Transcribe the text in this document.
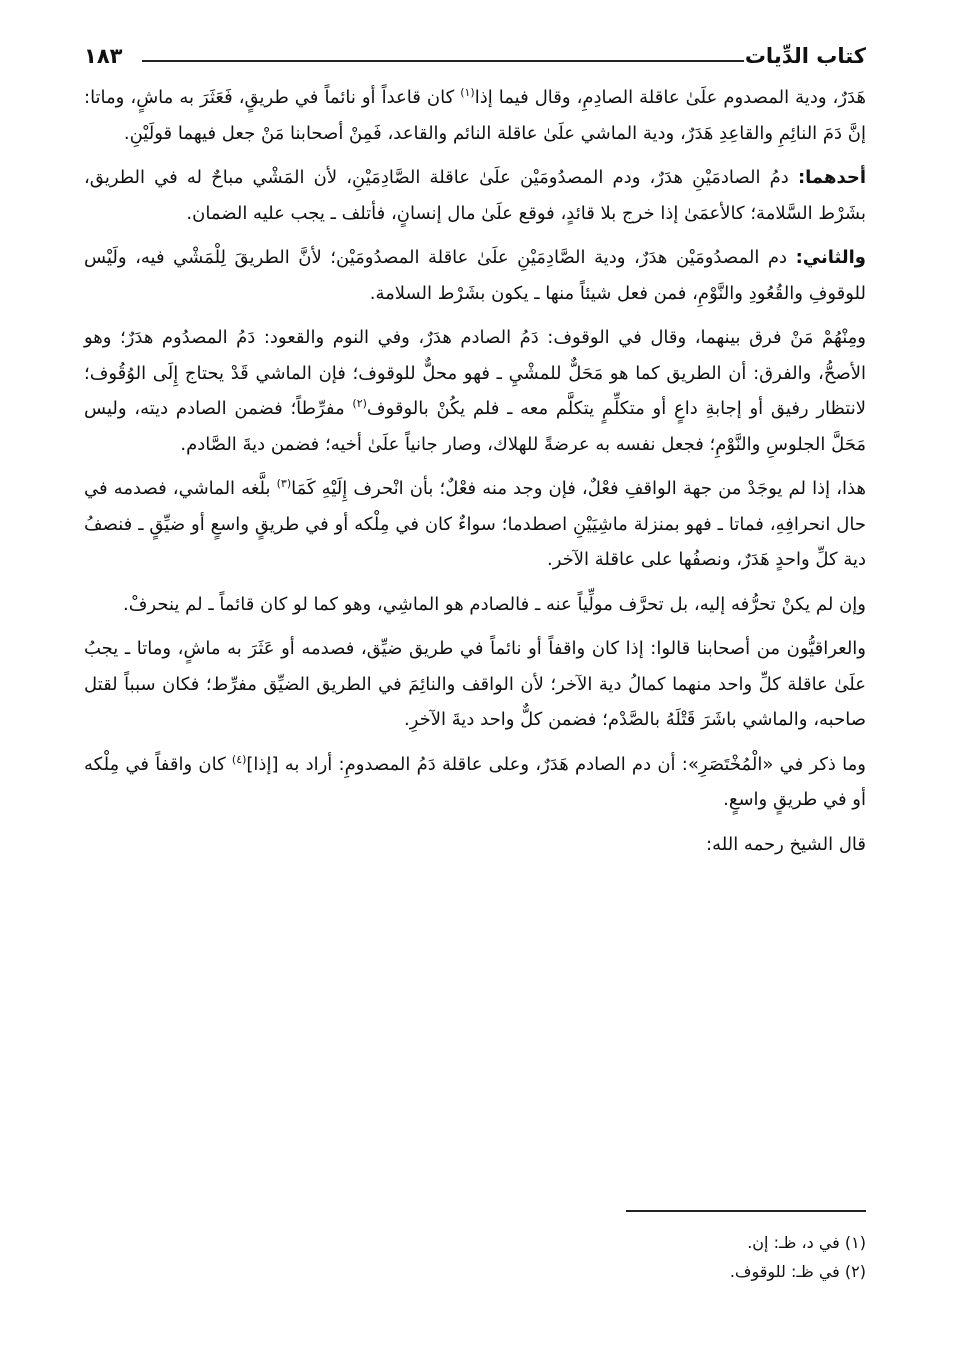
كتاب الدِّيات
١٨٣

هَدَرٌ، ودية المصدوم علَىٰ عاقلة الصادِمِ، وقال فيما إذا$^{(١)}$ كان قاعداً أو نائماً في طريقٍ، فَعَثَرَ به ماشٍ، وماتا: إنَّ دَمَ النائِمِ والقاعِدِ هَدَرٌ، ودية الماشي علَىٰ عاقلة النائم والقاعد، فَمِنْ أصحابنا مَنْ جعل فيهما قولَيْنِ.

أحدهما: دمُ الصادمَيْنِ هدَرٌ، ودم المصدُومَيْن علَىٰ عاقلة الصَّادِمَيْنِ، لأن المَشْي مباحٌ له في الطريق، بشَرْط السَّلامة؛ كالأعمَىٰ إذا خرج بلا قائدٍ، فوقع علَىٰ مال إنسانٍ، فأتلف ـ يجب عليه الضمان.

والثاني: دم المصدُومَيْن هدَرٌ، ودية الصَّادِمَيْنِ علَىٰ عاقلة المصدُومَيْن؛ لأنَّ الطريقَ لِلْمَشْي فيه، ولَيْس للوقوفِ والقُعُودِ والنَّوْمِ، فمن فعل شيئاً منها ـ يكون بشَرْط السلامة.

ومِنْهُمْ مَنْ فرق بينهما، وقال في الوقوف: دَمُ الصادم هدَرٌ، وفي النوم والقعود: دَمُ المصدُوم هدَرٌ؛ وهو الأصحُّ، والفرق: أن الطريق كما هو مَحَلٌّ للمشْيِ ـ فهو محلٌّ للوقوف؛ فإن الماشي قَدْ يحتاج إِلَى الوُقُوف؛ لانتظار رفيق أو إجابةِ داعٍ أو متكلِّمٍ يتكلَّم معه ـ فلم يكُنْ بالوقوف$^{(٢)}$ مفرِّطاً؛ فضمن الصادم ديته، وليس مَحَلَّ الجلوسِ والنَّوْمِ؛ فجعل نفسه به عرضةً للهلاك، وصار جانياً علَىٰ أخيه؛ فضمن ديةَ الصَّادم.

هذا، إذا لم يوجَدْ من جهة الواقفِ فعْلٌ، فإن وجد منه فعْلٌ؛ بأن انْحرف إِلَيْهِ كَمَا$^{(٣)}$ بلَّغه الماشي، فصدمه في حال انحرافِهِ، فماتا ـ فهو بمنزلة ماشِيَيْنِ اصطدما؛ سواءٌ كان في مِلْكه أو في طريقٍ واسعٍ أو ضيِّقٍ ـ فنصفُ دية كلِّ واحدٍ هَدَرٌ، ونصفُها على عاقلة الآخر.

وإن لم يكنْ تحرُّفه إليه، بل تحرَّف مولِّياً عنه ـ فالصادم هو الماشِي، وهو كما لو كان قائماً ـ لم ينحرفْ.

والعراقيُّون من أصحابنا قالوا: إذا كان واقفاً أو نائماً في طريق ضيِّق، فصدمه أو عَثَرَ به ماشٍ، وماتا ـ يجبُ علَىٰ عاقلة كلِّ واحد منهما كمالُ دية الآخر؛ لأن الواقف والنائِمَ في الطريق الضيِّق مفرِّط؛ فكان سبباً لقتل صاحبه، والماشي باشَرَ قَتْلَهُ بالصَّدْم؛ فضمن كلٌّ واحد ديةَ الآخرِ.

وما ذكر في «الْمُخْتَصَرِ»: أن دم الصادم هَدَرٌ، وعلى عاقلة دَمُ المصدومِ: أراد به [إذا]$^{(٤)}$ كان واقفاً في مِلْكه أو في طريقٍ واسعٍ.

قال الشيخ رحمه الله:

(١) في د، ظـ: إن.

(٢) في ظـ: للوقوف.
